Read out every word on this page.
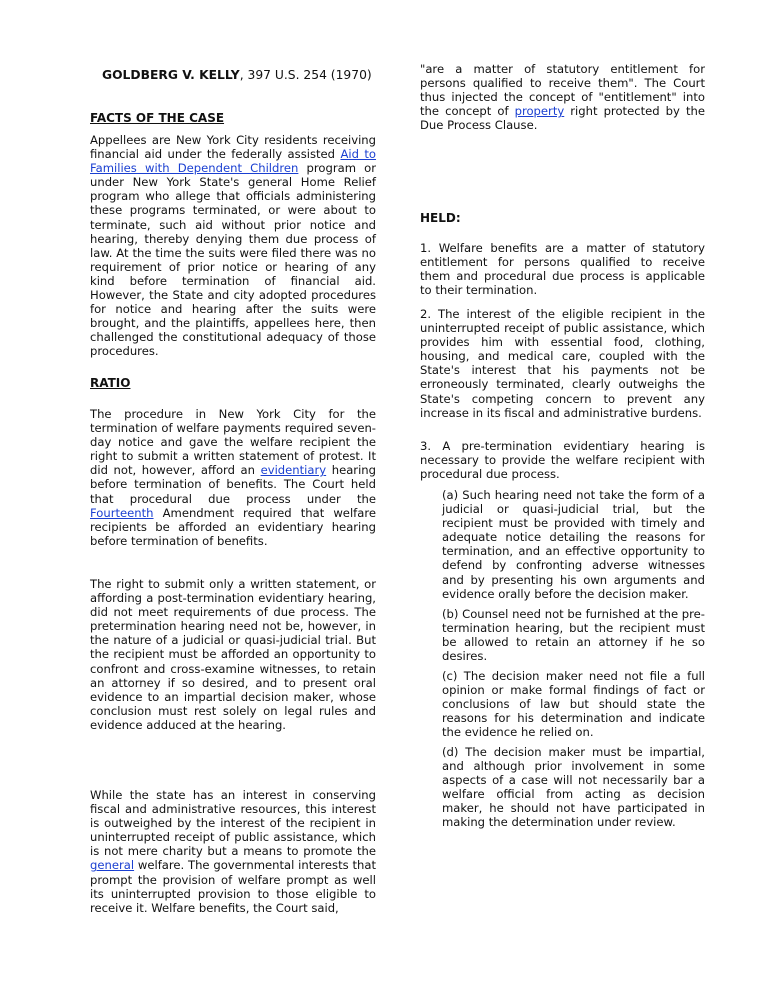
GOLDBERG V. KELLY, 397 U.S. 254 (1970)

FACTS OF THE CASE

Appellees are New York City residents receiving financial aid under the federally assisted Aid to Families with Dependent Children program or under New York State's general Home Relief program who allege that officials administering these programs terminated, or were about to terminate, such aid without prior notice and hearing, thereby denying them due process of law. At the time the suits were filed there was no requirement of prior notice or hearing of any kind before termination of financial aid. However, the State and city adopted procedures for notice and hearing after the suits were brought, and the plaintiffs, appellees here, then challenged the constitutional adequacy of those procedures.

RATIO

The procedure in New York City for the termination of welfare payments required seven-day notice and gave the welfare recipient the right to submit a written statement of protest. It did not, however, afford an evidentiary hearing before termination of benefits. The Court held that procedural due process under the Fourteenth Amendment required that welfare recipients be afforded an evidentiary hearing before termination of benefits.

The right to submit only a written statement, or affording a post-termination evidentiary hearing, did not meet requirements of due process. The pretermination hearing need not be, however, in the nature of a judicial or quasi-judicial trial. But the recipient must be afforded an opportunity to confront and cross-examine witnesses, to retain an attorney if so desired, and to present oral evidence to an impartial decision maker, whose conclusion must rest solely on legal rules and evidence adduced at the hearing.

While the state has an interest in conserving fiscal and administrative resources, this interest is outweighed by the interest of the recipient in uninterrupted receipt of public assistance, which is not mere charity but a means to promote the general welfare. The governmental interests that prompt the provision of welfare prompt as well its uninterrupted provision to those eligible to receive it. Welfare benefits, the Court said,

"are a matter of statutory entitlement for persons qualified to receive them". The Court thus injected the concept of "entitlement" into the concept of property right protected by the Due Process Clause.

HELD:

1. Welfare benefits are a matter of statutory entitlement for persons qualified to receive them and procedural due process is applicable to their termination.

2. The interest of the eligible recipient in the uninterrupted receipt of public assistance, which provides him with essential food, clothing, housing, and medical care, coupled with the State's interest that his payments not be erroneously terminated, clearly outweighs the State's competing concern to prevent any increase in its fiscal and administrative burdens.

3. A pre-termination evidentiary hearing is necessary to provide the welfare recipient with procedural due process.

(a) Such hearing need not take the form of a judicial or quasi-judicial trial, but the recipient must be provided with timely and adequate notice detailing the reasons for termination, and an effective opportunity to defend by confronting adverse witnesses and by presenting his own arguments and evidence orally before the decision maker.

(b) Counsel need not be furnished at the pre-termination hearing, but the recipient must be allowed to retain an attorney if he so desires.

(c) The decision maker need not file a full opinion or make formal findings of fact or conclusions of law but should state the reasons for his determination and indicate the evidence he relied on.

(d) The decision maker must be impartial, and although prior involvement in some aspects of a case will not necessarily bar a welfare official from acting as decision maker, he should not have participated in making the determination under review.
